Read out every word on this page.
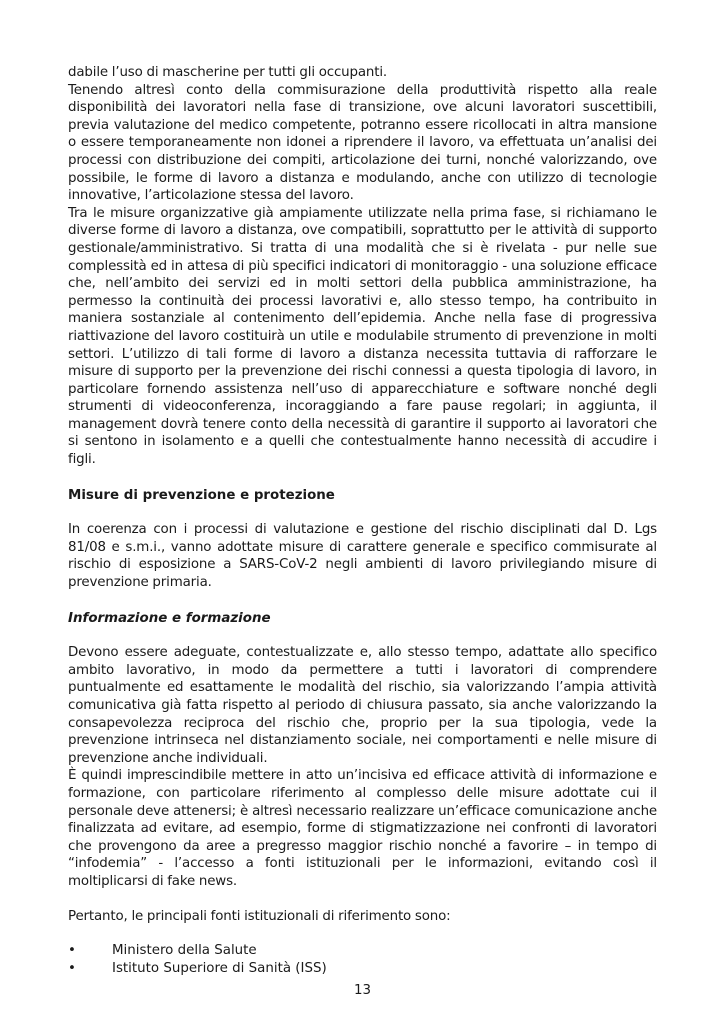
dabile l’uso di mascherine per tutti gli occupanti.

Tenendo altresì conto della commisurazione della produttività rispetto alla reale disponibilità dei lavoratori nella fase di transizione, ove alcuni lavoratori suscettibili, previa valutazione del medico competente, potranno essere ricollocati in altra mansione o essere temporaneamente non idonei a riprendere il lavoro, va effettuata un’analisi dei processi con distribuzione dei compiti, articolazione dei turni, nonché valorizzando, ove possibile, le forme di lavoro a distanza e modulando, anche con utilizzo di tecnologie innovative, l’articolazione stessa del lavoro.

Tra le misure organizzative già ampiamente utilizzate nella prima fase, si richiamano le diverse forme di lavoro a distanza, ove compatibili, soprattutto per le attività di supporto gestionale/amministrativo. Si tratta di una modalità che si è rivelata - pur nelle sue complessità ed in attesa di più specifici indicatori di monitoraggio - una soluzione efficace che, nell’ambito dei servizi ed in molti settori della pubblica amministrazione, ha permesso la continuità dei processi lavorativi e, allo stesso tempo, ha contribuito in maniera sostanziale al contenimento dell’epidemia. Anche nella fase di progressiva riattivazione del lavoro costituirà un utile e modulabile strumento di prevenzione in molti settori. L’utilizzo di tali forme di lavoro a distanza necessita tuttavia di rafforzare le misure di supporto per la prevenzione dei rischi connessi a questa tipologia di lavoro, in particolare fornendo assistenza nell’uso di apparecchiature e software nonché degli strumenti di videoconferenza, incoraggiando a fare pause regolari; in aggiunta, il management dovrà tenere conto della necessità di garantire il supporto ai lavoratori che si sentono in isolamento e a quelli che contestualmente hanno necessità di accudire i figli.

Misure di prevenzione e protezione

In coerenza con i processi di valutazione e gestione del rischio disciplinati dal D. Lgs 81/08 e s.m.i., vanno adottate misure di carattere generale e specifico commisurate al rischio di esposizione a SARS-CoV-2 negli ambienti di lavoro privilegiando misure di prevenzione primaria.

Informazione e formazione

Devono essere adeguate, contestualizzate e, allo stesso tempo, adattate allo specifico ambito lavorativo, in modo da permettere a tutti i lavoratori di comprendere puntualmente ed esattamente le modalità del rischio, sia valorizzando l’ampia attività comunicativa già fatta rispetto al periodo di chiusura passato, sia anche valorizzando la consapevolezza reciproca del rischio che, proprio per la sua tipologia, vede la prevenzione intrinseca nel distanziamento sociale, nei comportamenti e nelle misure di prevenzione anche individuali.

È quindi imprescindibile mettere in atto un’incisiva ed efficace attività di informazione e formazione, con particolare riferimento al complesso delle misure adottate cui il personale deve attenersi; è altresì necessario realizzare un’efficace comunicazione anche finalizzata ad evitare, ad esempio, forme di stigmatizzazione nei confronti di lavoratori che provengono da aree a pregresso maggior rischio nonché a favorire – in tempo di “infodemia” - l’accesso a fonti istituzionali per le informazioni, evitando così il moltiplicarsi di fake news.

Pertanto, le principali fonti istituzionali di riferimento sono:

•	Ministero della Salute
•	Istituto Superiore di Sanità (ISS)
13
